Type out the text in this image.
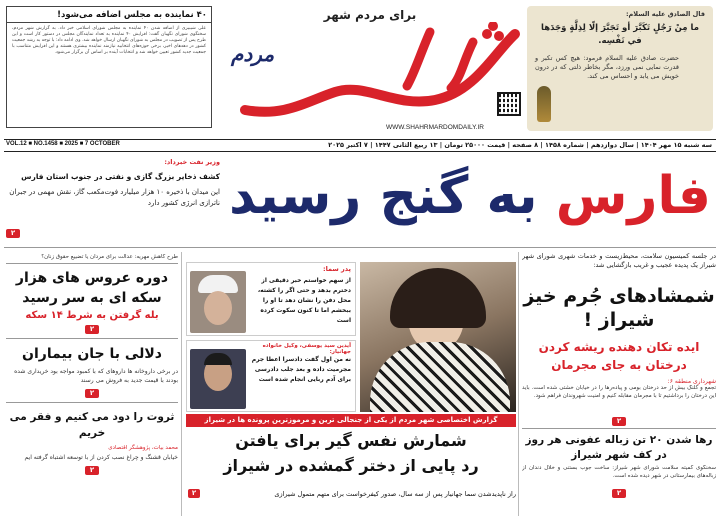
۴۰ نماینده به مجلس اضافه می‌شود!
علی شیبیری از اضافه شدن ۴۰ نماینده به مجلس شورای اسلامی خبر داد. به گزارش شهر مردم، سخنگوی شورای نگهبان گفت: افزایش ۴۰ نماینده به تعداد نمایندگان مجلس در دستور کار است و این طرح پس از تصویب در مجلس به شورای نگهبان ارسال خواهد شد. وی ادامه داد: با توجه به رشد جمعیت کشور در دهه‌های اخیر، برخی حوزه‌های انتخابیه نیازمند نماینده بیشتری هستند و این افزایش متناسب با جمعیت جدید کشور تعیین خواهد شد و انتخابات آینده بر اساس آن برگزار می‌شود.
برای مردم شهر
مردم
WWW.SHAHRMARDOMDAILY.IR
قال الصادق علیه السلام:
ما مِنْ رَجُلٍ تَكَبَّرَ أو تَجَبَّرَ إلّا لِذِلَّةٍ وَجَدَها في نَفْسِه.
حضرت صادق علیه السلام فرمود: هیچ کس تکبر و قدرت نمایی نمی ورزد، مگر بخاطر ذلتی که در درون خویش می یابد و احساس می کند.
سه شنبه ۱۵ مهر ۱۴۰۴ | سال دوازدهم | شماره ۱۴۵۸ | ۸ صفحه | قیمت ۲۵۰۰۰ تومان | ۱۳ ربیع الثانی ۱۴۴۷ | ۷ اکتبر ۲۰۲۵
VOL.12 ■ NO.1458 ■ 2025 ■ 7 OCTOBER
فارس به گنج رسید
وزیر نفت خبرداد:
کشف ذخایر بزرگ گازی و نفتی در جنوب استان فارس
این میدان با ذخیره ۱۰ هزار میلیارد فوت‌مکعب گاز، نقش مهمی در جبران ناترازی انرژی کشور دارد
۲
در جلسه کمیسیون سلامت، محیط‌زیست و خدمات شهری شورای شهر شیراز یک پدیده عجیب و غریب بازگشایی شد:
شمشادهای جُرم خیز شیراز !
ایده تکان دهنده ریشه کردن درختان به جای مجرمان
شهرداری منطقه ۶:
تجمع و کلنگ بیش از حد درختان بومی و پیاده‌رها را در خیابان خشتی شده است. باید این درختان را برداشتیم تا با مجرمان مقابله کنیم و امنیت شهروندان فراهم شود.
۲
رها شدن ۲۰ تن زباله عفونی هر روز در کف شهر شیراز
سخنگوی کمیته سلامت شورای شهر شیراز: ساخت جوب بستنی و خلال دندان از زباله‌های بیمارستانی در شهر دیده شده است.
۲
پدر سما:
از سهم خواستم خبر دقیقی از دخترم بدهد و حتی اگر را کشته، محل دفن را نشان دهد تا او را ببخشم اما تا کنون سکوت کرده است
آیدین سید یوسفی، وکیل خانواده جهانیار:
نه من اول گفت دادسرا اعطا جرم مجرمیت داده و بعد جلب دادرسی برای آدم ربایی انجام شده است
گزارش اختصاصی شهر مردم از یکی از جنجالی ترین و مرموزترین پرونده ها در شیراز
شمارش نفس گیر برای یافتن
رد پایی از دختر گمشده در شیراز
راز ناپدیدشدن سما جهانیار پس از سه سال، صدور کیفرخواست برای متهم متمول شیرازی
۲
طرح کاهش مهریه: عدالت برای مردان یا تضییع حقوق زنان؟
دوره عروس های هزار سکه ای به سر رسید
بله گرفتن به شرط ۱۴ سکه
۲
دلالی با جان بیماران
در برخی داروخانه ها داروهای که با کمبود مواجه بود خریداری شده بودند با قیمت جدید به فروش می رسند
۲
ثروت را دود می کنیم و فقر می خریم
محمد بیات، پژوهشگر اقتصادی
خیابان قشنگ و چراغ نصب کردن از با توسعه اشتباه گرفته ایم
۲
